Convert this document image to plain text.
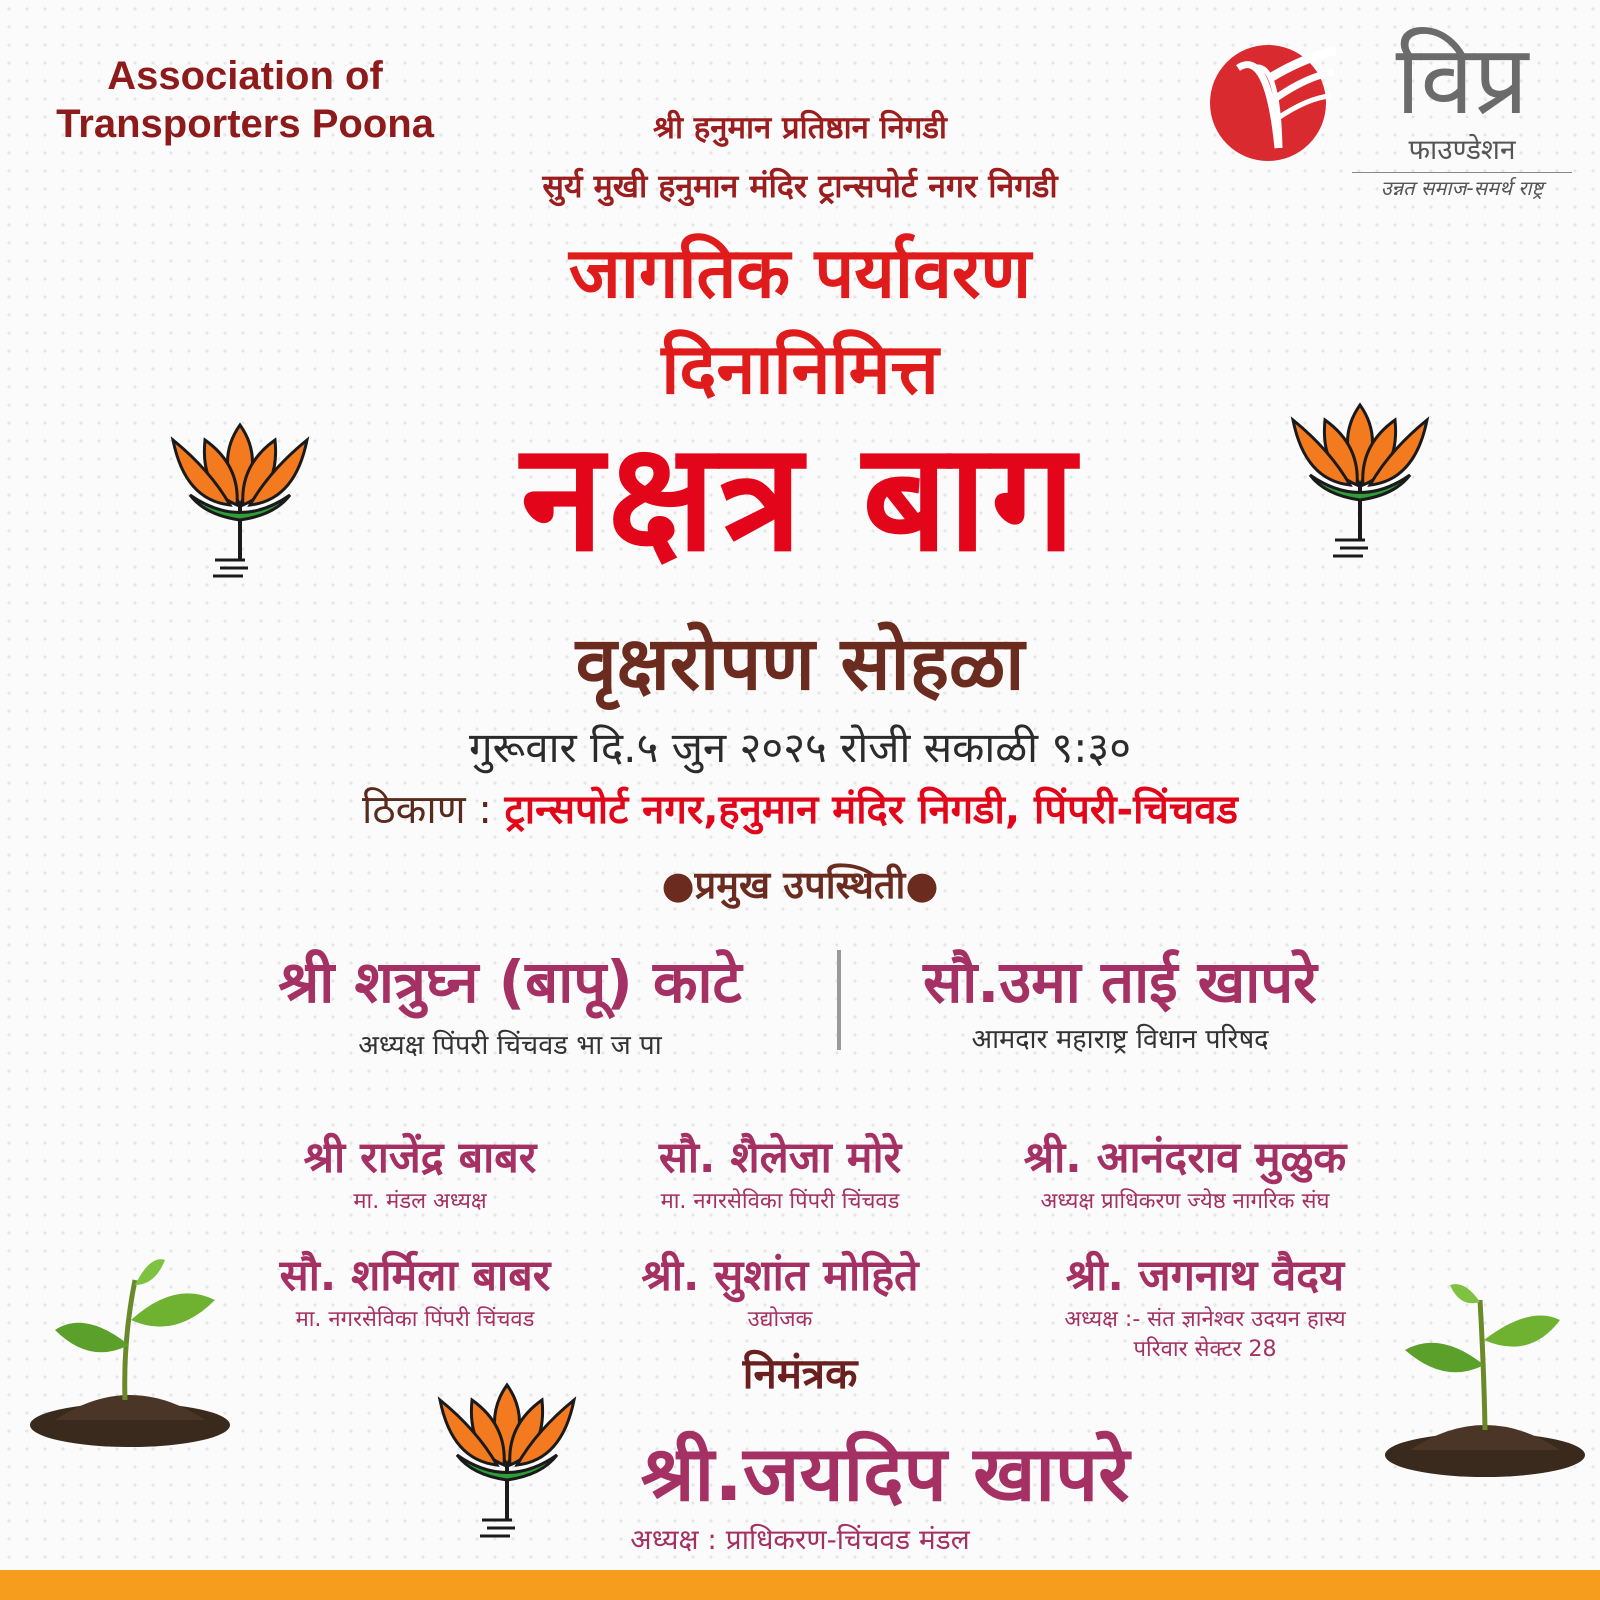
Association of Transporters Poona	श्री हनुमान प्रतिष्ठान निगडी
सुर्य मुखी हनुमान मंदिर ट्रान्सपोर्ट नगर निगडी
विप्र
फाउण्डेशन
उन्नत समाज-समर्थ राष्ट्र
जागतिक पर्यावरण
दिनानिमित्त
नक्षत्र बाग
वृक्षरोपण सोहळा
गुरूवार दि.५ जुन २०२५ रोजी सकाळी ९:३०
ठिकाण : ट्रान्सपोर्ट नगर,हनुमान मंदिर निगडी, पिंपरी-चिंचवड
●प्रमुख उपस्थिती●
श्री शत्रुघ्न (बापू) काटे
अध्यक्ष पिंपरी चिंचवड भा ज पा
सौ.उमा ताई खापरे
आमदार महाराष्ट्र विधान परिषद
श्री राजेंद्र बाबर
मा. मंडल अध्यक्ष
सौ. शैलेजा मोरे
मा. नगरसेविका पिंपरी चिंचवड
श्री. आनंदराव मुळुक
अध्यक्ष प्राधिकरण ज्येष्ठ नागरिक संघ
सौ. शर्मिला बाबर
मा. नगरसेविका पिंपरी चिंचवड
श्री. सुशांत मोहिते
उद्योजक
श्री. जगनाथ वैदय
अध्यक्ष :- संत ज्ञानेश्वर उदयन हास्य
परिवार सेक्टर 28
निमंत्रक
श्री.जयदिप खापरे
अध्यक्ष : प्राधिकरण-चिंचवड मंडल
